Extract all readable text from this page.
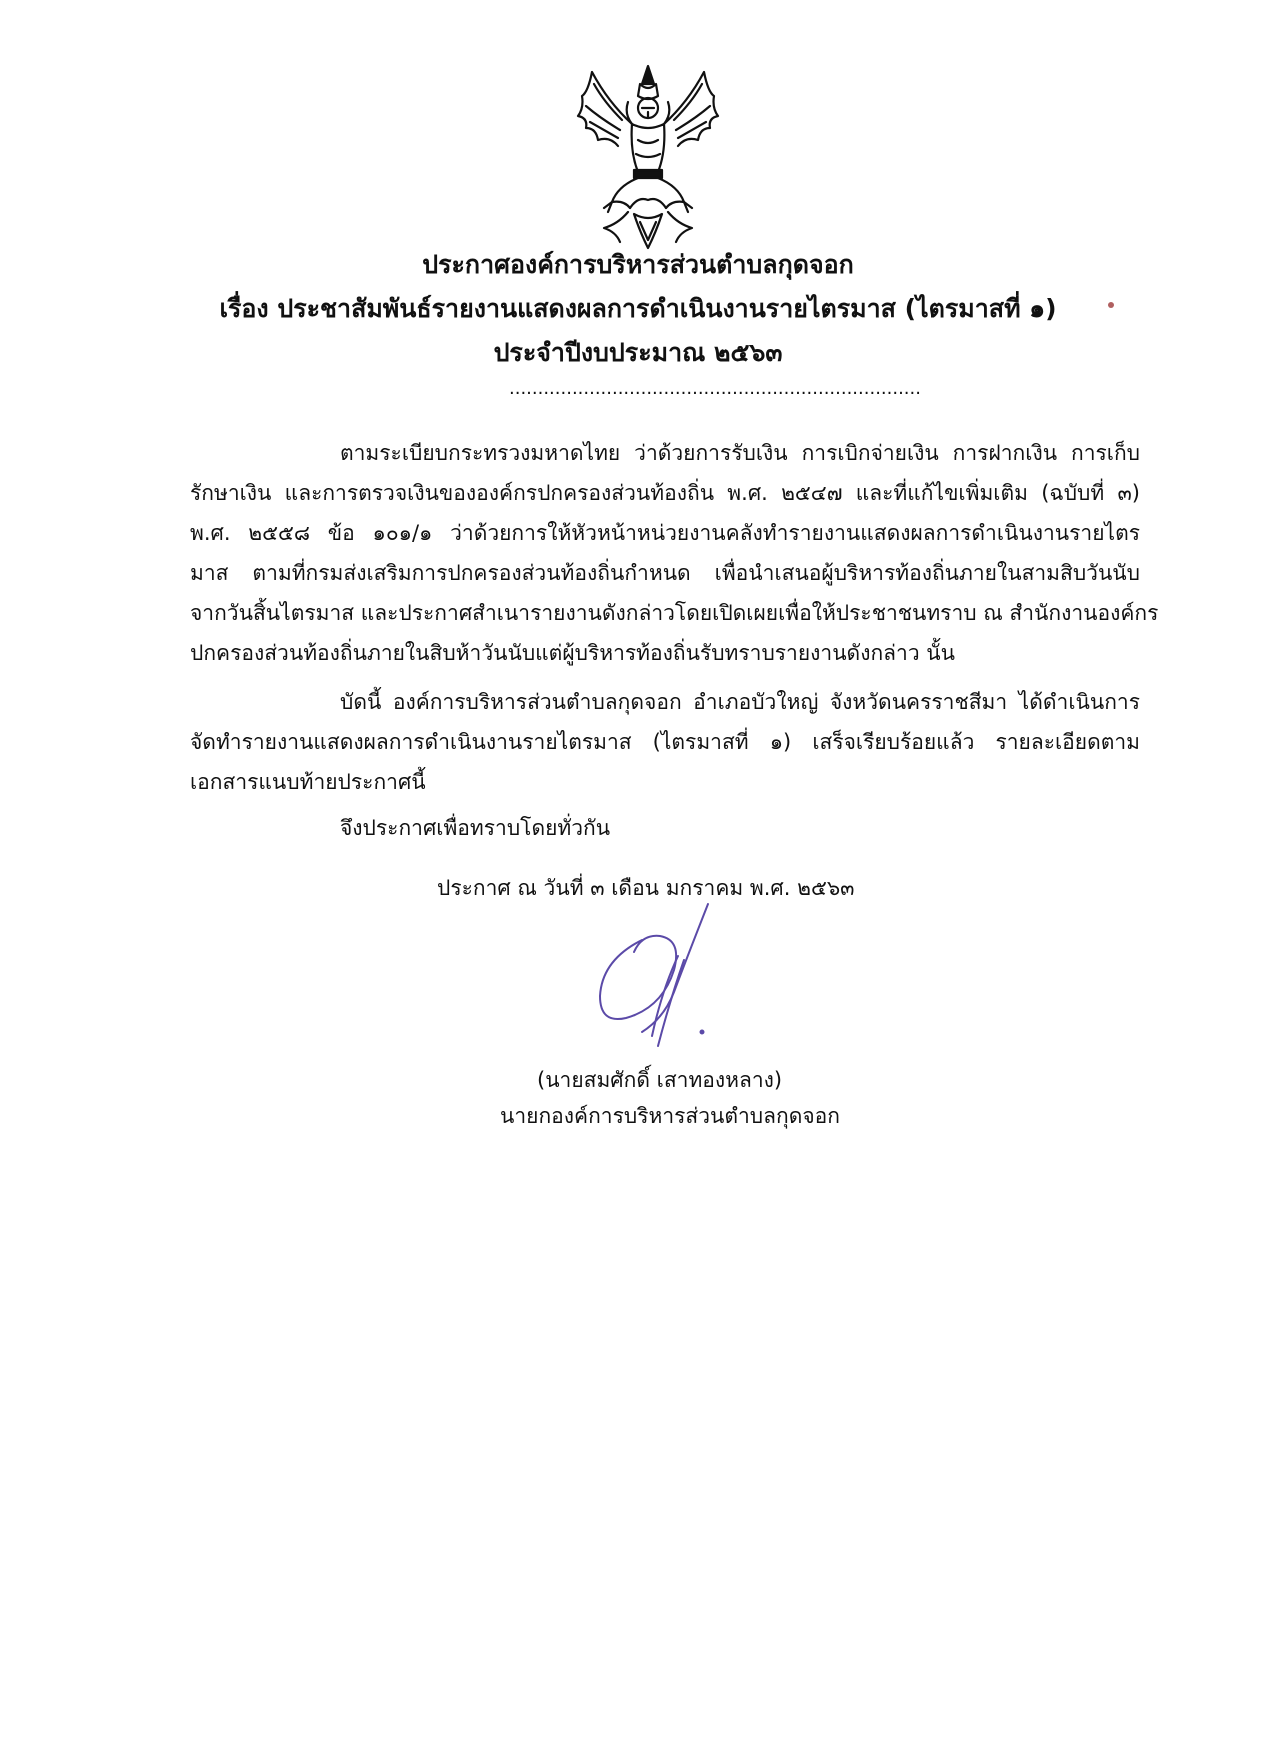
ประกาศองค์การบริหารส่วนตำบลกุดจอก
เรื่อง ประชาสัมพันธ์รายงานแสดงผลการดำเนินงานรายไตรมาส (ไตรมาสที่ ๑)
ประจำปีงบประมาณ ๒๕๖๓
........................................................................
ตามระเบียบกระทรวงมหาดไทย ว่าด้วยการรับเงิน การเบิกจ่ายเงิน การฝากเงิน การเก็บ
รักษาเงิน และการตรวจเงินขององค์กรปกครองส่วนท้องถิ่น พ.ศ. ๒๕๔๗ และที่แก้ไขเพิ่มเติม (ฉบับที่ ๓)
พ.ศ. ๒๕๕๘ ข้อ ๑๐๑/๑ ว่าด้วยการให้หัวหน้าหน่วยงานคลังทำรายงานแสดงผลการดำเนินงานรายไตร
มาส ตามที่กรมส่งเสริมการปกครองส่วนท้องถิ่นกำหนด เพื่อนำเสนอผู้บริหารท้องถิ่นภายในสามสิบวันนับ
จากวันสิ้นไตรมาส และประกาศสำเนารายงานดังกล่าวโดยเปิดเผยเพื่อให้ประชาชนทราบ ณ สำนักงานองค์กร
ปกครองส่วนท้องถิ่นภายในสิบห้าวันนับแต่ผู้บริหารท้องถิ่นรับทราบรายงานดังกล่าว นั้น
บัดนี้ องค์การบริหารส่วนตำบลกุดจอก อำเภอบัวใหญ่ จังหวัดนครราชสีมา ได้ดำเนินการ
จัดทำรายงานแสดงผลการดำเนินงานรายไตรมาส (ไตรมาสที่ ๑) เสร็จเรียบร้อยแล้ว รายละเอียดตาม
เอกสารแนบท้ายประกาศนี้
จึงประกาศเพื่อทราบโดยทั่วกัน
ประกาศ ณ วันที่ ๓ เดือน มกราคม พ.ศ. ๒๕๖๓
(นายสมศักดิ์ เสาทองหลาง)
นายกองค์การบริหารส่วนตำบลกุดจอก
